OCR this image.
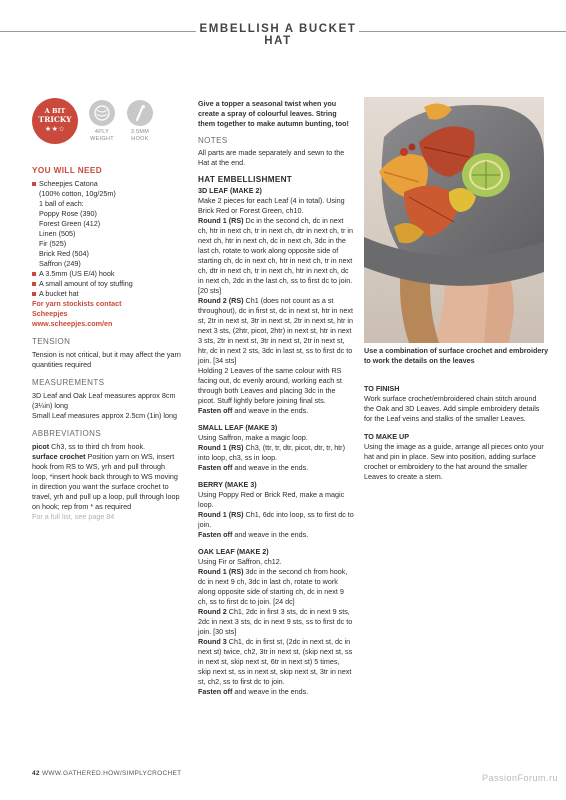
EMBELLISH A BUCKET HAT
A BIT
TRICKY
★★☆	4PLY
WEIGHT
3.5MM
HOOK
YOU WILL NEED
Scheepjes Catona
(100% cotton, 10g/25m)
1 ball of each:
Poppy Rose (390)
Forest Green (412)
Linen (505)
Fir (525)
Brick Red (504)
Saffron (249)
A 3.5mm (US E/4) hook
A small amount of toy stuffing
A bucket hat
For yarn stockists contact
Scheepjes
www.scheepjes.com/en
TENSION

Tension is not critical, but it may affect the yarn quantities required

MEASUREMENTS

3D Leaf and Oak Leaf measures approx 8cm (3¼in) long

Small Leaf measures approx 2.5cm (1in) long

ABBREVIATIONS

picot Ch3, ss to third ch from hook.

surface crochet Position yarn on WS, insert hook from RS to WS, yrh and pull through loop, *insert hook back through to WS moving in direction you want the surface crochet to travel, yrh and pull up a loop, pull through loop on hook; rep from * as required

For a full list, see page 84

Give a topper a seasonal twist when you create a spray of colourful leaves. String them together to make autumn bunting, too!

NOTES

All parts are made separately and sewn to the Hat at the end.

HAT EMBELLISHMENT
3D LEAF (MAKE 2)

Make 2 pieces for each Leaf (4 in total). Using Brick Red or Forest Green, ch10.

Round 1 (RS) Dc in the second ch, dc in next ch, htr in next ch, tr in next ch, dtr in next ch, tr in next ch, htr in next ch, dc in next ch, 3dc in the last ch, rotate to work along opposite side of starting ch, dc in next ch, htr in next ch, tr in next ch, dtr in next ch, tr in next ch, htr in next ch, dc in next ch, 2dc in the last ch, ss to first dc to join. [20 sts]

Round 2 (RS) Ch1 (does not count as a st throughout), dc in first st, dc in next st, htr in next st, 2tr in next st, 3tr in next st, 2tr in next st, htr in next 3 sts, (2htr, picot, 2htr) in next st, htr in next 3 sts, 2tr in next st, 3tr in next st, 2tr in next st, htr, dc in next 2 sts, 3dc in last st, ss to first dc to join. [34 sts]

Holding 2 Leaves of the same colour with RS facing out, dc evenly around, working each st through both Leaves and placing 3dc in the picot. Stuff lightly before joining final sts.

Fasten off and weave in the ends.

SMALL LEAF (MAKE 3)

Using Saffron, make a magic loop.

Round 1 (RS) Ch3, (ttr, tr, dtr, picot, dtr, tr, htr) into loop, ch3, ss in loop.

Fasten off and weave in the ends.

BERRY (MAKE 3)

Using Poppy Red or Brick Red, make a magic loop.

Round 1 (RS) Ch1, 6dc into loop, ss to first dc to join.

Fasten off and weave in the ends.

OAK LEAF (MAKE 2)

Using Fir or Saffron, ch12.

Round 1 (RS) 3dc in the second ch from hook, dc in next 9 ch, 3dc in last ch, rotate to work along opposite side of starting ch, dc in next 9 ch, ss to first dc to join. [24 dc]

Round 2 Ch1, 2dc in first 3 sts, dc in next 9 sts, 2dc in next 3 sts, dc in next 9 sts, ss to first dc to join. [30 sts]

Round 3 Ch1, dc in first st, (2dc in next st, dc in next st) twice, ch2, 3tr in next st, (skip next st, ss in next st, skip next st, 6tr in next st) 5 times, skip next st, ss in next st, skip next st, 3tr in next st, ch2, ss to first dc to join.

Fasten off and weave in the ends.

Use a combination of surface crochet and embroidery to work the details on the leaves

TO FINISH

Work surface crochet/embroidered chain stitch around the Oak and 3D Leaves. Add simple embroidery details for the Leaf veins and stalks of the smaller Leaves.

TO MAKE UP

Using the image as a guide, arrange all pieces onto your hat and pin in place. Sew into position, adding surface crochet or embroidery to the hat around the smaller Leaves to create a stem.

42 WWW.GATHERED.HOW/SIMPLYCROCHET	PassionForum.ru
